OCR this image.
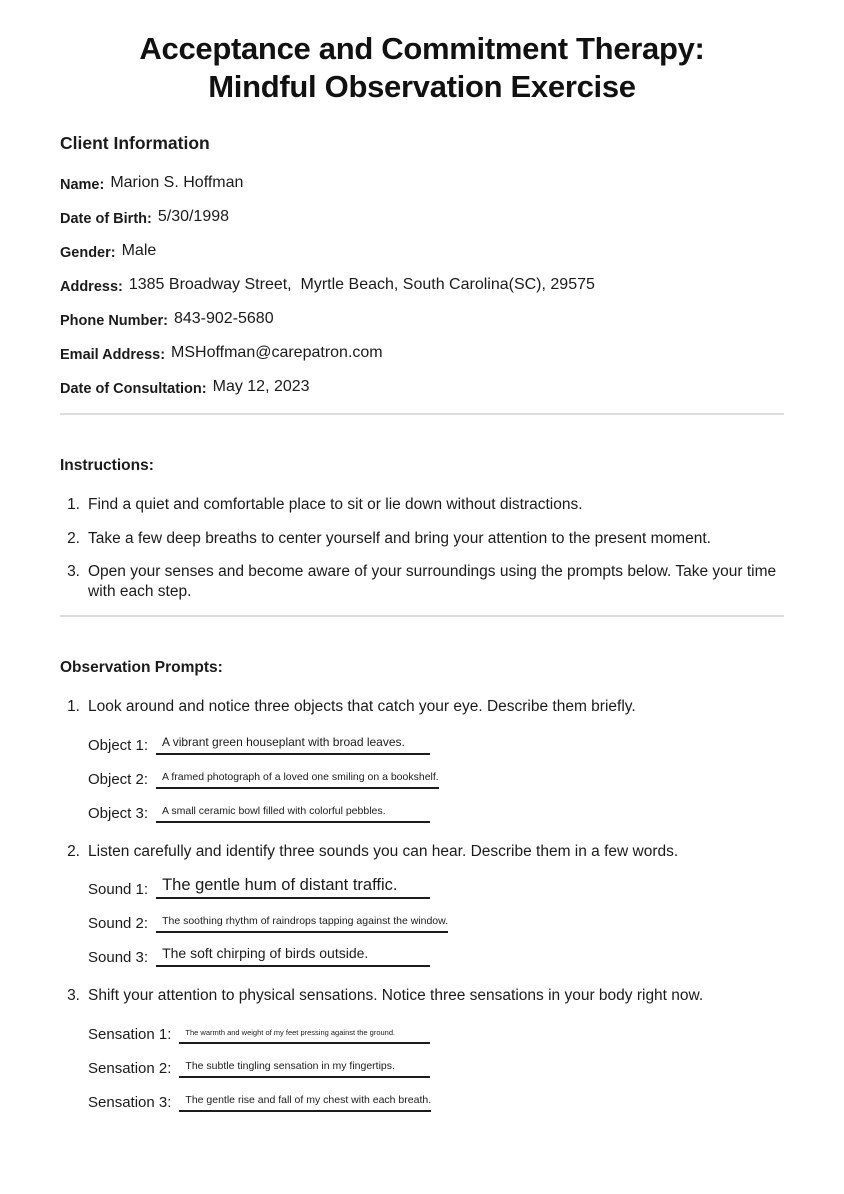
Acceptance and Commitment Therapy:
Mindful Observation Exercise

Client Information

Name: Marion S. Hoffman
Date of Birth: 5/30/1998
Gender: Male
Address: 1385 Broadway Street,  Myrtle Beach, South Carolina(SC), 29575
Phone Number: 843-902-5680
Email Address: MSHoffman@carepatron.com
Date of Consultation: May 12, 2023

Instructions:

1. Find a quiet and comfortable place to sit or lie down without distractions.
2. Take a few deep breaths to center yourself and bring your attention to the present moment.
3. Open your senses and become aware of your surroundings using the prompts below. Take your time with each step.

Observation Prompts:

1. Look around and notice three objects that catch your eye. Describe them briefly.
Object 1:	A vibrant green houseplant with broad leaves.
Object 2:	A framed photograph of a loved one smiling on a bookshelf.
Object 3:	A small ceramic bowl filled with colorful pebbles.
2. Listen carefully and identify three sounds you can hear. Describe them in a few words.
Sound 1: The gentle hum of distant traffic.
Sound 2:	The soothing rhythm of raindrops tapping against the window.
Sound 3:	The soft chirping of birds outside.
3. Shift your attention to physical sensations. Notice three sensations in your body right now.
Sensation 1:	The warmth and weight of my feet pressing against the ground.
Sensation 2:	The subtle tingling sensation in my fingertips.
Sensation 3:	The gentle rise and fall of my chest with each breath.
